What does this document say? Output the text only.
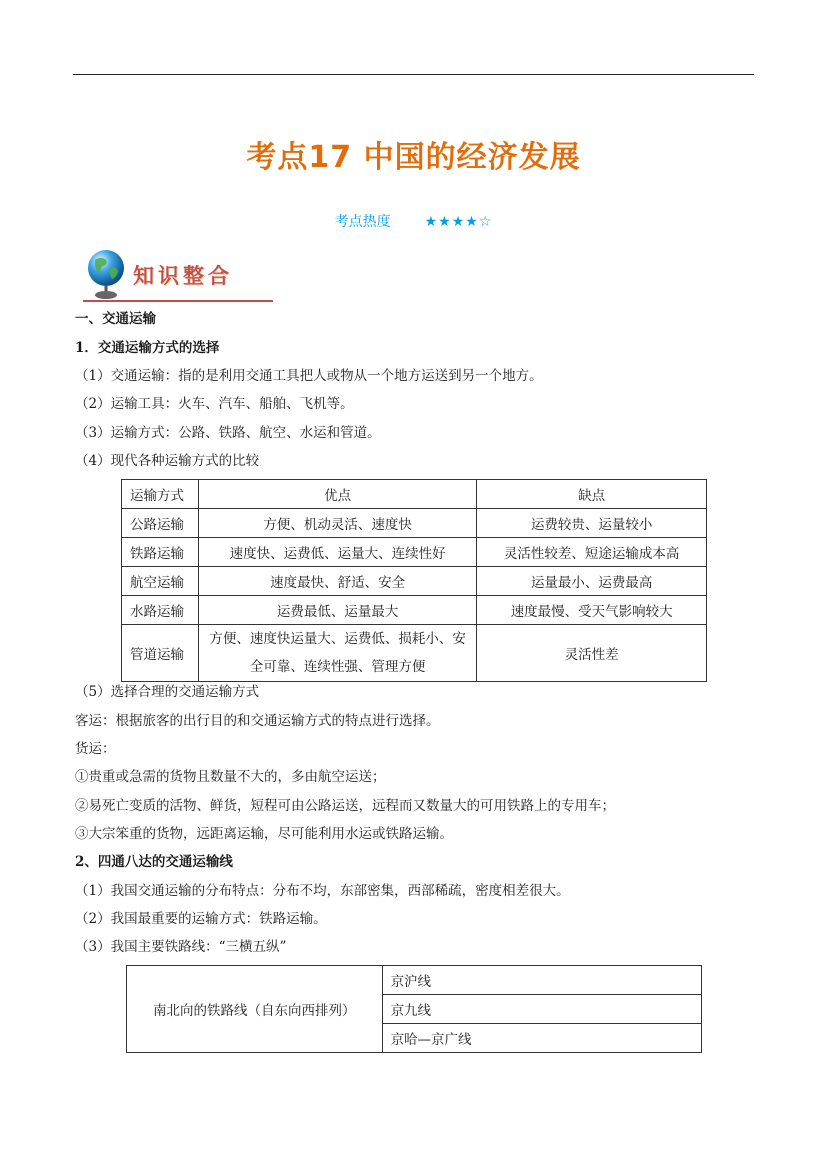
考点17 中国的经济发展
考点热度 ★★★★☆
知识整合
一、交通运输
1．交通运输方式的选择
（1）交通运输：指的是利用交通工具把人或物从一个地方运送到另一个地方。
（2）运输工具：火车、汽车、船舶、飞机等。
（3）运输方式：公路、铁路、航空、水运和管道。
（4）现代各种运输方式的比较
运输方式	优点	缺点
公路运输	方便、机动灵活、速度快	运费较贵、运量较小
铁路运输	速度快、运费低、运量大、连续性好	灵活性较差、短途运输成本高
航空运输	速度最快、舒适、安全	运量最小、运费最高
水路运输	运费最低、运量最大	速度最慢、受天气影响较大
管道运输	方便、速度快运量大、运费低、损耗小、安
全可靠、连续性强、管理方便	灵活性差
（5）选择合理的交通运输方式
客运：根据旅客的出行目的和交通运输方式的特点进行选择。
货运：
①贵重或急需的货物且数量不大的，多由航空运送；
②易死亡变质的活物、鲜货，短程可由公路运送，远程而又数量大的可用铁路上的专用车；
③大宗笨重的货物，远距离运输，尽可能利用水运或铁路运输。
2、四通八达的交通运输线
（1）我国交通运输的分布特点：分布不均，东部密集，西部稀疏，密度相差很大。
（2）我国最重要的运输方式：铁路运输。
（3）我国主要铁路线：“三横五纵”
南北向的铁路线（自东向西排列）	京沪线
京九线
京哈—京广线
